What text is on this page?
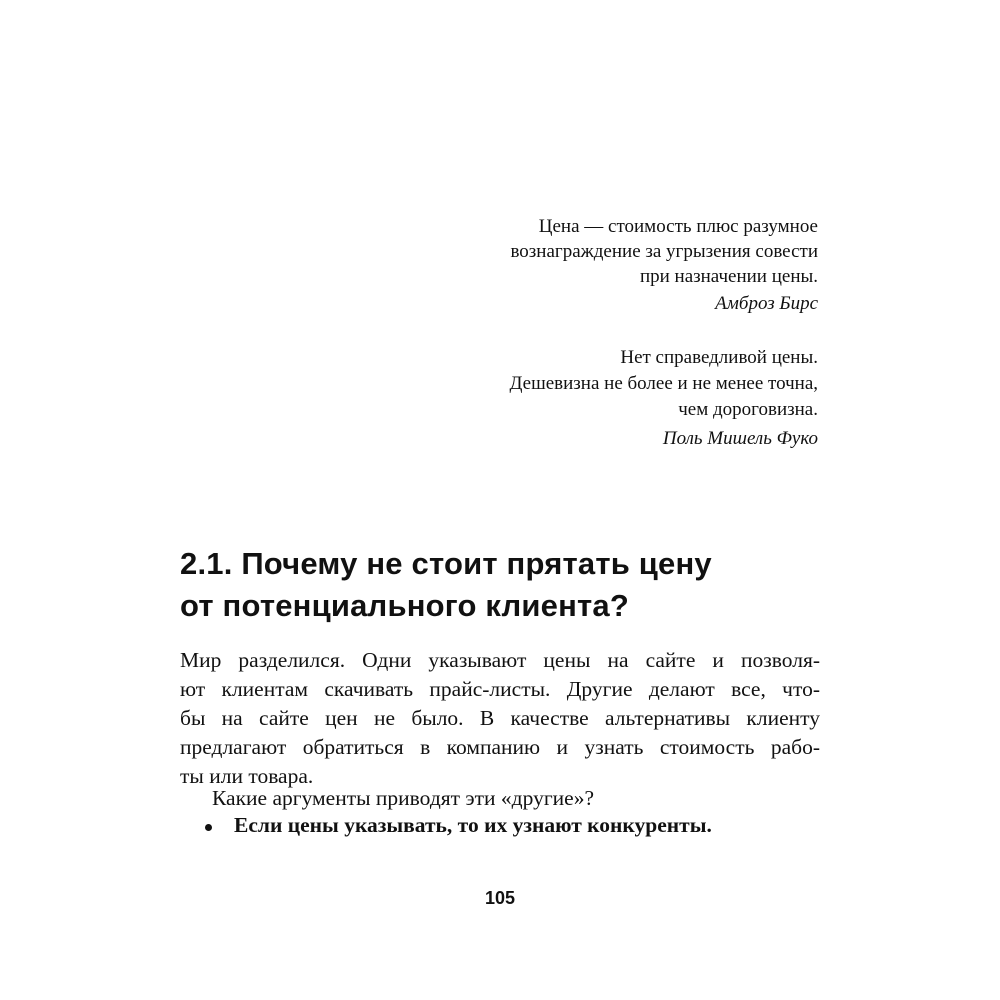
Цена — стоимость плюс разумное
вознаграждение за угрызения совести
при назначении цены.
Амброз Бирс
Нет справедливой цены.
Дешевизна не более и не менее точна,
чем дороговизна.
Поль Мишель Фуко
2.1. Почему не стоит прятать цену
от потенциального клиента?
Мир разделился. Одни указывают цены на сайте и позволя-
ют клиентам скачивать прайс-листы. Другие делают все, что-
бы на сайте цен не было. В качестве альтернативы клиенту
предлагают обратиться в компанию и узнать стоимость рабо-
ты или товара.
Какие аргументы приводят эти «другие»?
Если цены указывать, то их узнают конкуренты.
105
